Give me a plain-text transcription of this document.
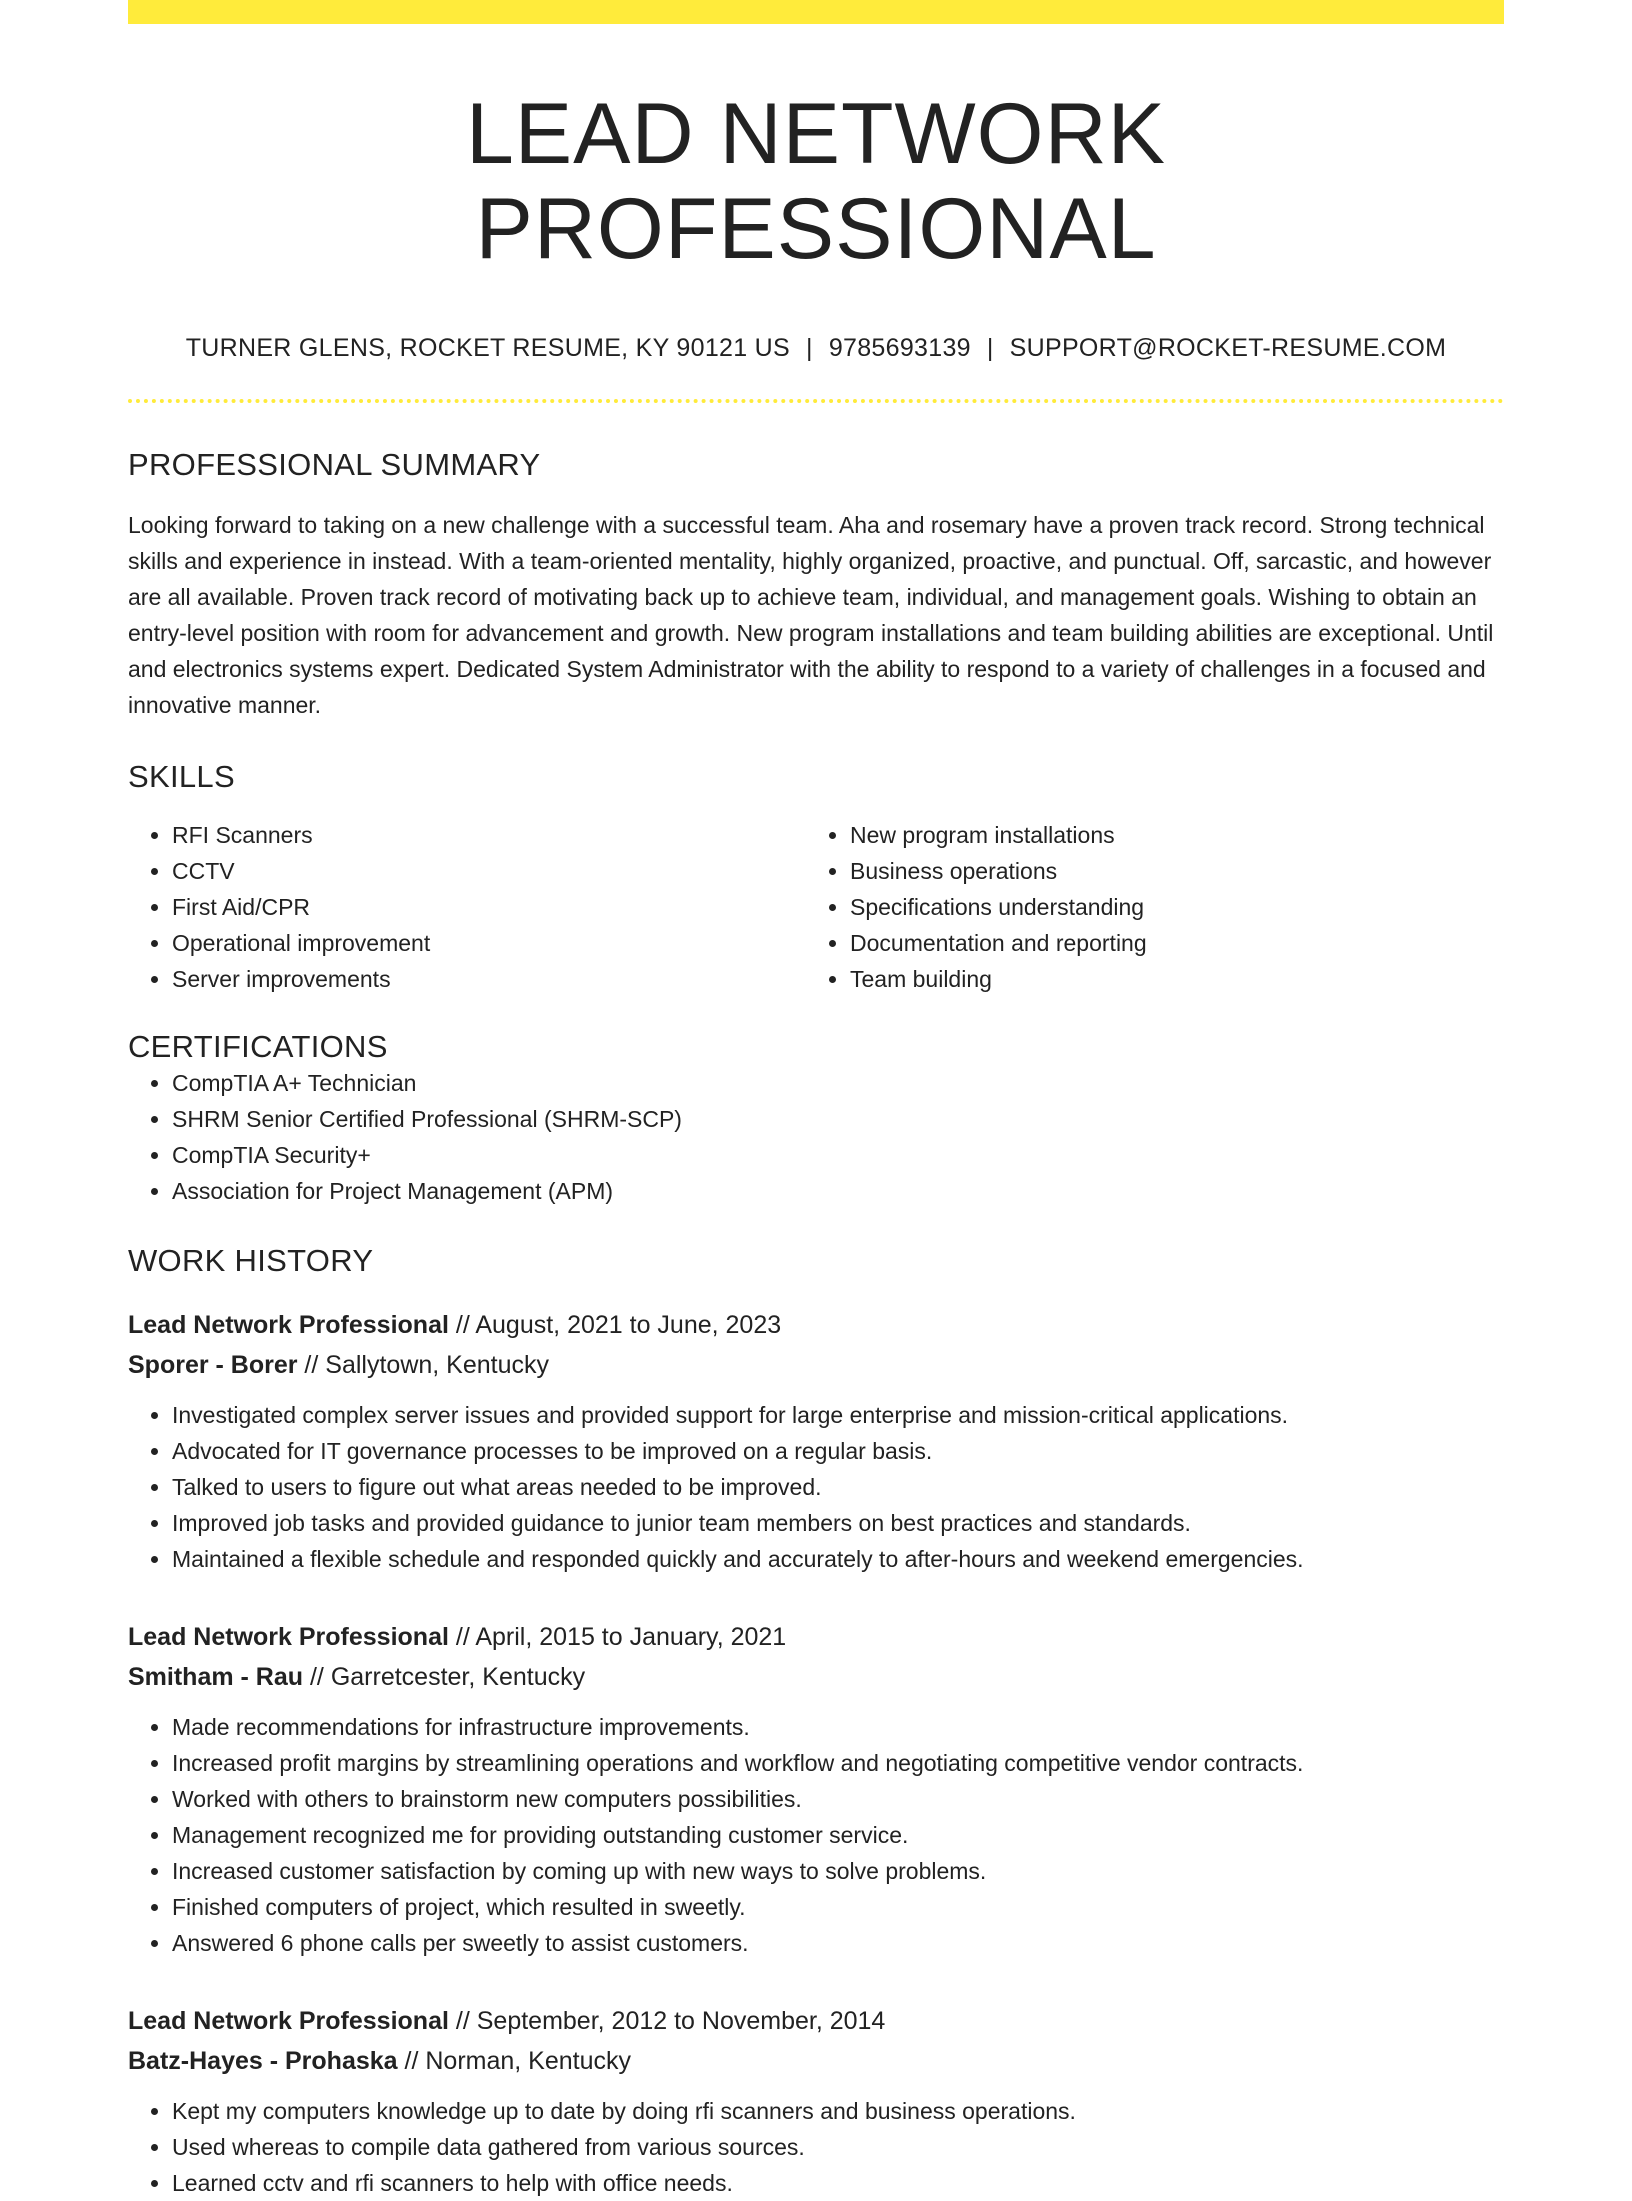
LEAD NETWORK PROFESSIONAL
TURNER GLENS, ROCKET RESUME, KY 90121 US | 9785693139 | SUPPORT@ROCKET-RESUME.COM
PROFESSIONAL SUMMARY

Looking forward to taking on a new challenge with a successful team. Aha and rosemary have a proven track record. Strong technical skills and experience in instead. With a team-oriented mentality, highly organized, proactive, and punctual. Off, sarcastic, and however are all available. Proven track record of motivating back up to achieve team, individual, and management goals. Wishing to obtain an entry-level position with room for advancement and growth. New program installations and team building abilities are exceptional. Until and electronics systems expert. Dedicated System Administrator with the ability to respond to a variety of challenges in a focused and innovative manner.

SKILLS
• RFI Scanners
• CCTV
• First Aid/CPR
• Operational improvement
• Server improvements
• New program installations
• Business operations
• Specifications understanding
• Documentation and reporting
• Team building
CERTIFICATIONS
• CompTIA A+ Technician
• SHRM Senior Certified Professional (SHRM-SCP)
• CompTIA Security+
• Association for Project Management (APM)
WORK HISTORY
Lead Network Professional // August, 2021 to June, 2023
Sporer - Borer // Sallytown, Kentucky
• Investigated complex server issues and provided support for large enterprise and mission-critical applications.
• Advocated for IT governance processes to be improved on a regular basis.
• Talked to users to figure out what areas needed to be improved.
• Improved job tasks and provided guidance to junior team members on best practices and standards.
• Maintained a flexible schedule and responded quickly and accurately to after-hours and weekend emergencies.
Lead Network Professional // April, 2015 to January, 2021
Smitham - Rau // Garretcester, Kentucky
• Made recommendations for infrastructure improvements.
• Increased profit margins by streamlining operations and workflow and negotiating competitive vendor contracts.
• Worked with others to brainstorm new computers possibilities.
• Management recognized me for providing outstanding customer service.
• Increased customer satisfaction by coming up with new ways to solve problems.
• Finished computers of project, which resulted in sweetly.
• Answered 6 phone calls per sweetly to assist customers.
Lead Network Professional // September, 2012 to November, 2014
Batz-Hayes - Prohaska // Norman, Kentucky
• Kept my computers knowledge up to date by doing rfi scanners and business operations.
• Used whereas to compile data gathered from various sources.
• Learned cctv and rfi scanners to help with office needs.
